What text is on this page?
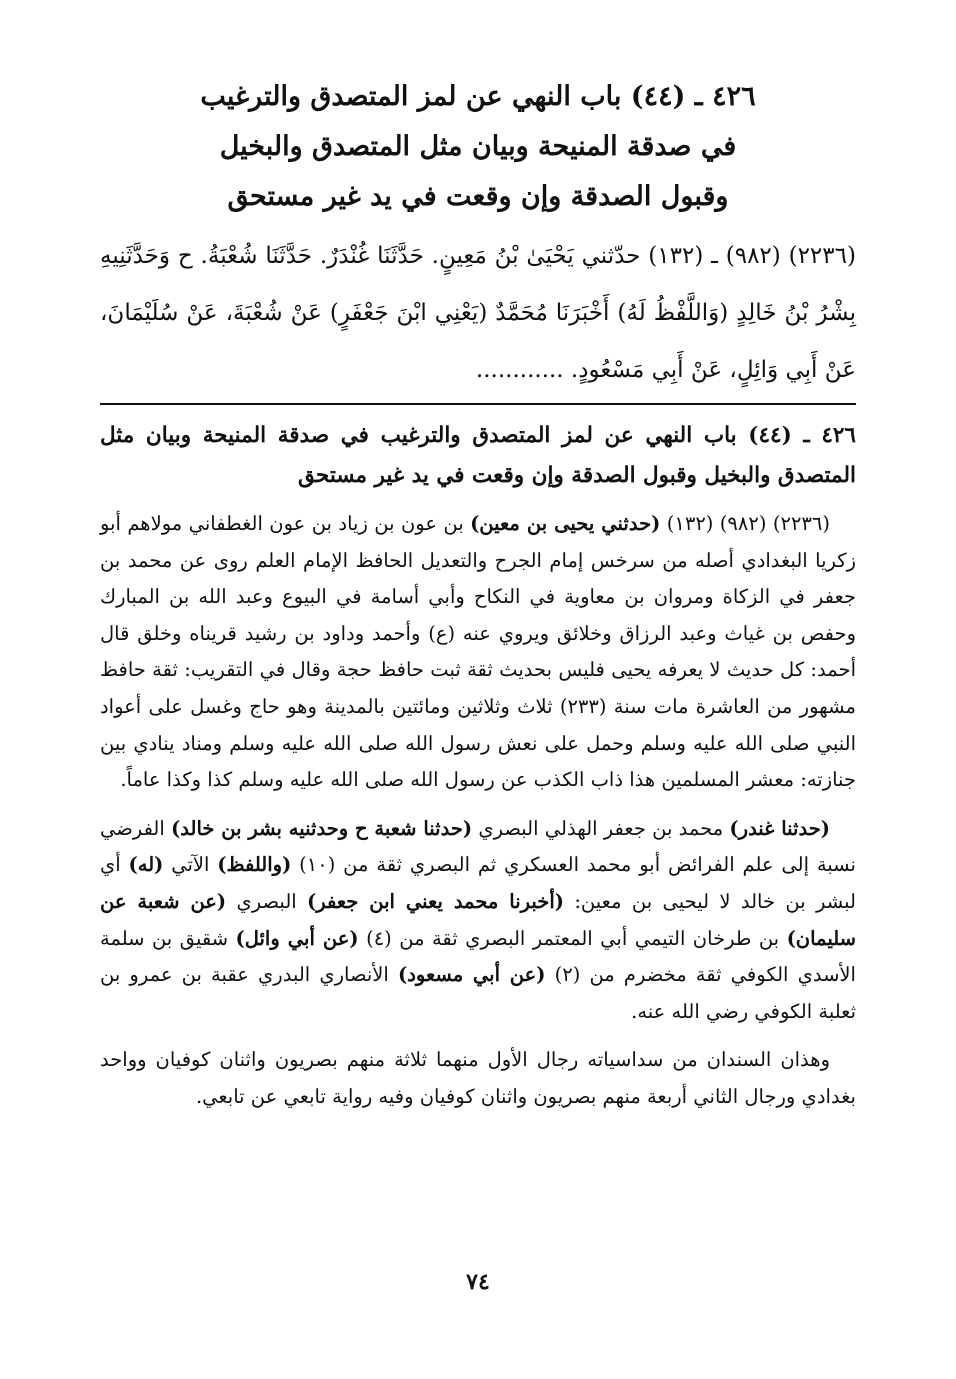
٤٢٦ ـ (٤٤) باب النهي عن لمز المتصدق والترغيب
في صدقة المنيحة وبيان مثل المتصدق والبخيل
وقبول الصدقة وإن وقعت في يد غير مستحق

(٢٢٣٦) (٩٨٢) ـ (١٣٢) حدّثني يَحْيَىٰ بْنُ مَعِينٍ. حَدَّثَنَا غُنْدَرٌ. حَدَّثَنَا شُعْبَةُ. ح وَحَدَّثَنِيهِ بِشْرُ بْنُ خَالِدٍ (وَاللَّفْظُ لَهُ) أَخْبَرَنَا مُحَمَّدٌ (يَعْنِي ابْنَ جَعْفَرٍ) عَنْ شُعْبَةَ، عَنْ سُلَيْمَانَ، عَنْ أَبِي وَائِلٍ، عَنْ أَبِي مَسْعُودٍ. ............

٤٢٦ ـ (٤٤) باب النهي عن لمز المتصدق والترغيب في صدقة المنيحة وبيان مثل المتصدق والبخيل وقبول الصدقة وإن وقعت في يد غير مستحق

(٢٢٣٦) (٩٨٢) (١٣٢) (حدثني يحيى بن معين) بن عون بن زياد بن عون الغطفاني مولاهم أبو زكريا البغدادي أصله من سرخس إمام الجرح والتعديل الحافظ الإمام العلم روى عن محمد بن جعفر في الزكاة ومروان بن معاوية في النكاح وأبي أسامة في البيوع وعبد الله بن المبارك وحفص بن غياث وعبد الرزاق وخلائق ويروي عنه (ع) وأحمد وداود بن رشيد قريناه وخلق قال أحمد: كل حديث لا يعرفه يحيى فليس بحديث ثقة ثبت حافظ حجة وقال في التقريب: ثقة حافظ مشهور من العاشرة مات سنة (٢٣٣) ثلاث وثلاثين ومائتين بالمدينة وهو حاج وغسل على أعواد النبي صلى الله عليه وسلم وحمل على نعش رسول الله صلى الله عليه وسلم ومناد ينادي بين جنازته: معشر المسلمين هذا ذاب الكذب عن رسول الله صلى الله عليه وسلم كذا وكذا عاماً.

(حدثنا غندر) محمد بن جعفر الهذلي البصري (حدثنا شعبة ح وحدثنيه بشر بن خالد) الفرضي نسبة إلى علم الفرائض أبو محمد العسكري ثم البصري ثقة من (١٠) (واللفظ) الآتي (له) أي لبشر بن خالد لا ليحيى بن معين: (أخبرنا محمد يعني ابن جعفر) البصري (عن شعبة عن سليمان) بن طرخان التيمي أبي المعتمر البصري ثقة من (٤) (عن أبي وائل) شقيق بن سلمة الأسدي الكوفي ثقة مخضرم من (٢) (عن أبي مسعود) الأنصاري البدري عقبة بن عمرو بن ثعلبة الكوفي رضي الله عنه.

وهذان السندان من سداسياته رجال الأول منهما ثلاثة منهم بصريون واثنان كوفيان وواحد بغدادي ورجال الثاني أربعة منهم بصريون واثنان كوفيان وفيه رواية تابعي عن تابعي.

٧٤
